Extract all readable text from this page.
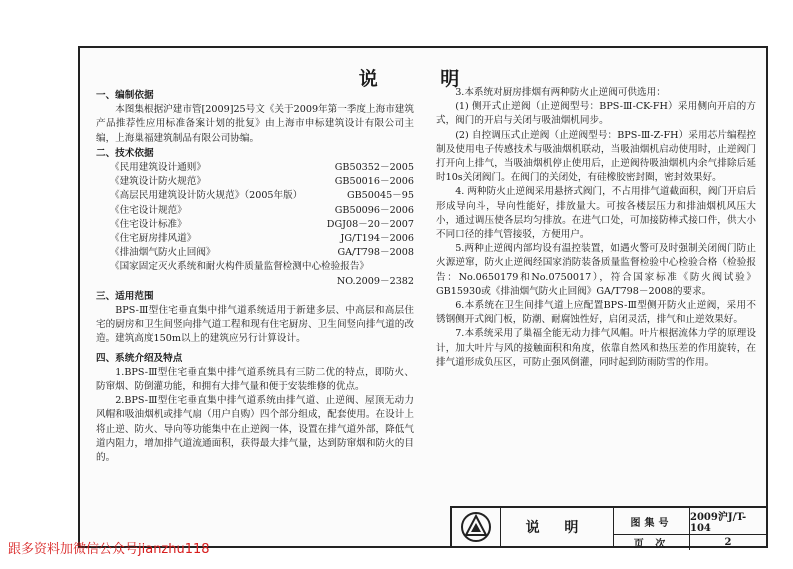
说 明
一、编制依据
本图集根据沪建市管[2009]25号文《关于2009年第一季度上海市建筑产品推荐性应用标准备案计划的批复》由上海市申标建筑设计有限公司主编，上海巢福建筑制品有限公司协编。
二、技术依据
《民用建筑设计通则》	GB50352－2005
《建筑设计防火规范》	GB50016－2006
《高层民用建筑设计防火规范》（2005年版）	GB50045－95
《住宅设计规范》	GB50096－2006
《住宅设计标准》	DGJ08－20－2007
《住宅厨房排风道》	JG/T194－2006
《排油烟气防火止回阀》	GA/T798－2008
《国家固定灭火系统和耐火构件质量监督检测中心检验报告》
NO.2009－2382
三、适用范围
BPS-Ⅲ型住宅垂直集中排气道系统适用于新建多层、中高层和高层住宅的厨房和卫生间竖向排气道工程和现有住宅厨房、卫生间竖向排气道的改造。建筑高度150m以上的建筑应另行计算设计。
四、系统介绍及特点
1.BPS-Ⅲ型住宅垂直集中排气道系统具有三防二优的特点，即防火、防窜烟、防倒灌功能，和拥有大排气量和便于安装维修的优点。
2.BPS-Ⅲ型住宅垂直集中排气道系统由排气道、止逆阀、屋顶无动力风帽和吸油烟机或排气扇（用户自购）四个部分组成，配套使用。在设计上将止逆、防火、导向等功能集中在止逆阀一体，设置在排气道外部，降低气道内阻力，增加排气道流通面积，获得最大排气量，达到防窜烟和防火的目的。
3.本系统对厨房排烟有两种防火止逆阀可供选用：
(1) 侧开式止逆阀（止逆阀型号：BPS-Ⅲ-CK-FH）采用侧向开启的方式，阀门的开启与关闭与吸油烟机同步。
(2) 自控调压式止逆阀（止逆阀型号：BPS-Ⅲ-Z-FH）采用芯片编程控制及使用电子传感技术与吸油烟机联动，当吸油烟机启动使用时，止逆阀门打开向上排气，当吸油烟机停止使用后，止逆阀待吸油烟机内余气排除后延时10s关闭阀门。在阀门的关闭处，有硅橡胶密封圈，密封效果好。
4. 两种防火止逆阀采用悬挤式阀门，不占用排气道截面积，阀门开启后形成导向斗，导向性能好，排放量大。可按各楼层压力和排油烟机风压大小，通过调压使各层均匀排放。在进气口处，可加接防棒式接口件，供大小不同口径的排气管接驳，方便用户。
5.两种止逆阀内部均设有温控装置，如遇火警可及时强制关闭阀门防止火源逆窜，防火止逆阀经国家消防装备质量监督检验中心检验合格（检验报告：No.0650179和No.0750017），符合国家标准《防火阀试验》GB15930或《排油烟气防火止回阀》GA/T798－2008的要求。
6.本系统在卫生间排气道上应配置BPS-Ⅲ型侧开防火止逆阀，采用不锈钢侧开式阀门板，防潮、耐腐蚀性好，启闭灵活，排气和止逆效果好。
7.本系统采用了巢福全能无动力排气风帽。叶片根据流体力学的原理设计，加大叶片与风的接触面积和角度，依靠自然风和热压差的作用旋转，在排气道形成负压区，可防止强风倒灌，同时起到防雨防雪的作用。
说 明	图集号	2009沪J/T-104
页 次	2
跟多资料加微信公众号jianzhu118
